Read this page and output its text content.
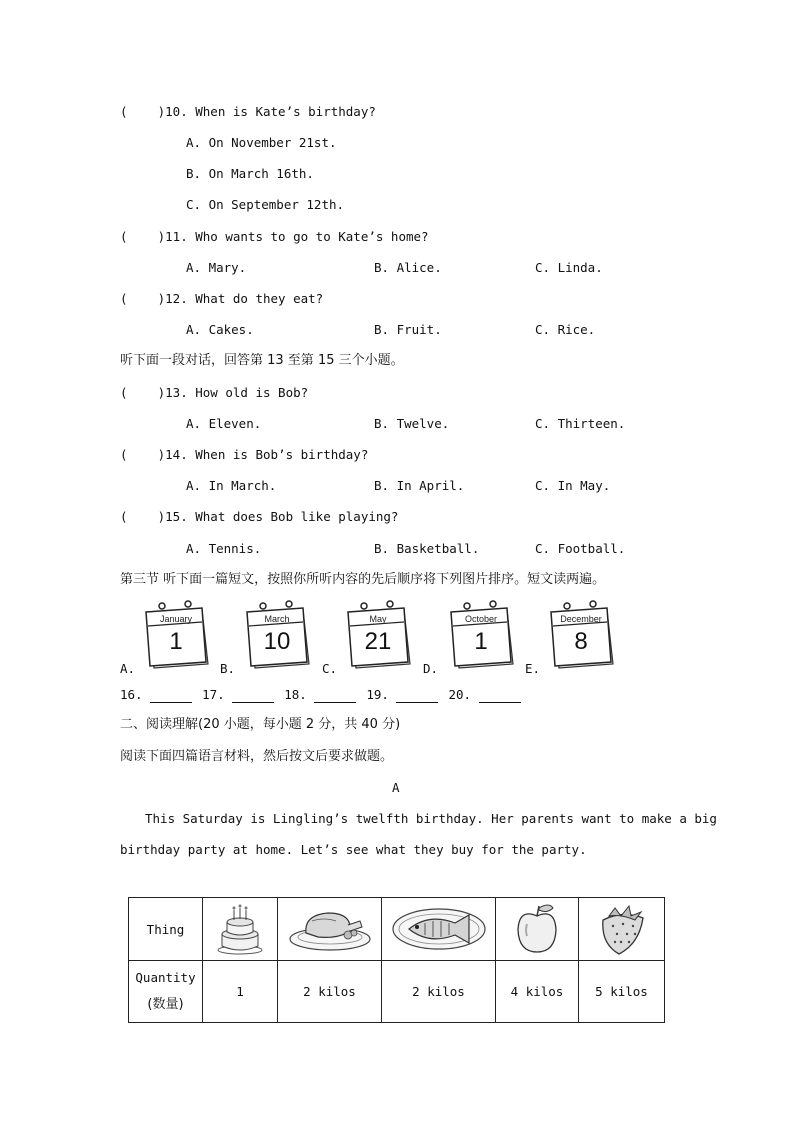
(    )10. When is Kate’s birthday?
A. On November 21st.
B. On March 16th.
C. On September 12th.
(    )11. Who wants to go to Kate’s home?
A. Mary.	B. Alice.	C. Linda.
(    )12. What do they eat?
A. Cakes.	B. Fruit.	C. Rice.
听下面一段对话，回答第 13 至第 15 三个小题。
(    )13. How old is Bob?
A. Eleven.	B. Twelve.	C. Thirteen.
(    )14. When is Bob’s birthday?
A. In March.	B. In April.	C. In May.
(    )15. What does Bob like playing?
A. Tennis.	B. Basketball.	C. Football.
第三节 听下面一篇短文，按照你所听内容的先后顺序将下列图片排序。短文读两遍。
A.
January
1
B.
March
10
C.
May
21
D.
October
1
E.
December
8
16.	17.	18.	19.	20.
二、阅读理解(20 小题，每小题 2 分，共 40 分)
阅读下面四篇语言材料，然后按文后要求做题。
A
This Saturday is Lingling’s twelfth birthday. Her parents want to make a big
birthday party at home. Let’s see what they buy for the party.
Thing					
Quantity
(数量)	1	2 kilos	2 kilos	4 kilos	5 kilos
